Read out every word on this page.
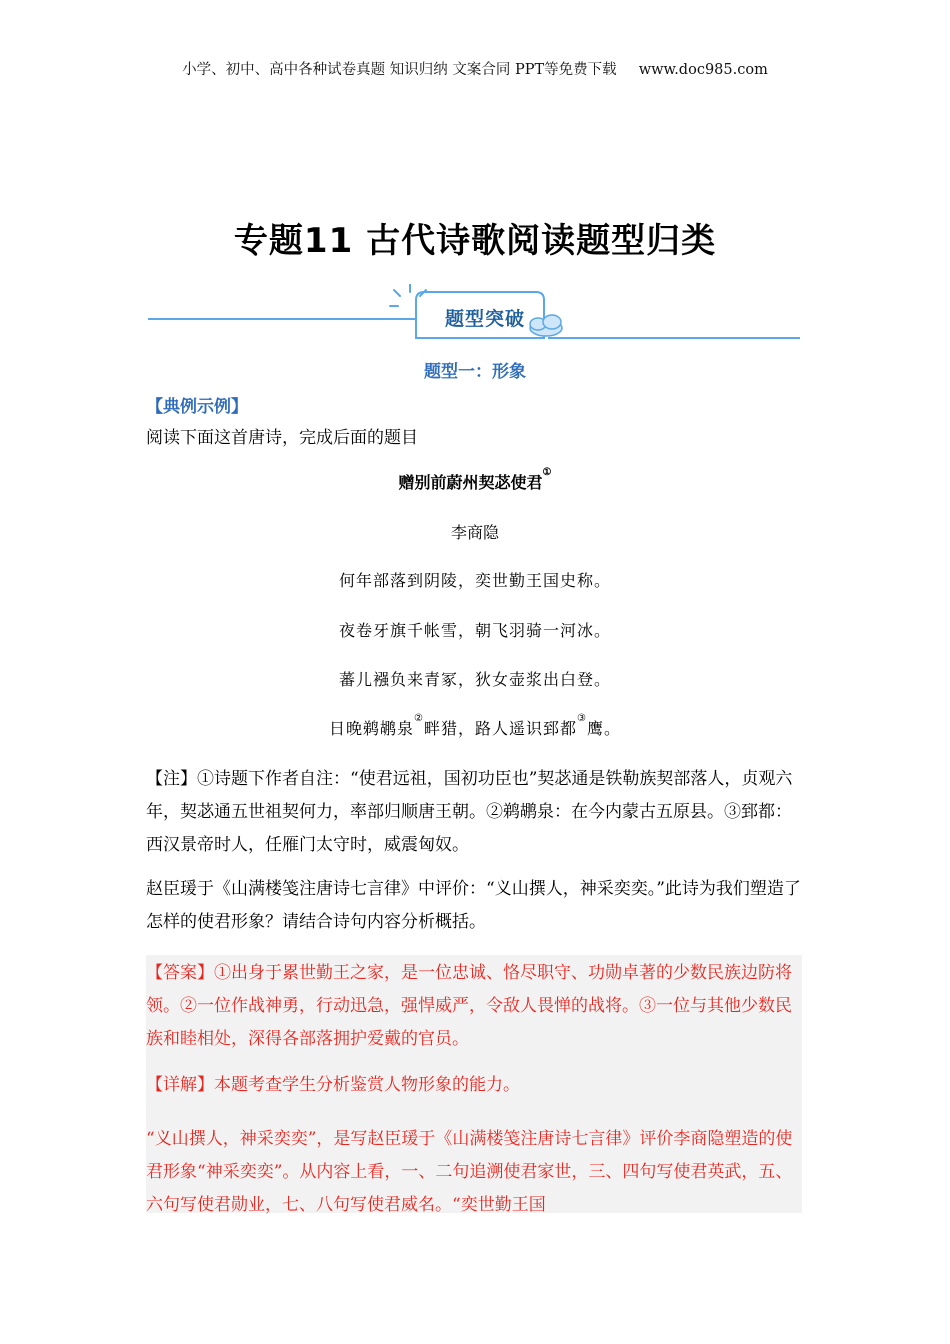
小学、初中、高中各种试卷真题 知识归纳 文案合同 PPT等免费下载 www.doc985.com
专题11 古代诗歌阅读题型归类
题型突破
题型一：形象
【典例示例】
阅读下面这首唐诗，完成后面的题目
赠别前蔚州契苾使君①
李商隐
何年部落到阴陵，奕世勤王国史称。
夜卷牙旗千帐雪，朝飞羽骑一河冰。
蕃儿襁负来青冢，狄女壶浆出白登。
日晚鹈鹕泉②畔猎，路人遥识郅都③鹰。
【注】①诗题下作者自注：“使君远祖，国初功臣也”契苾通是铁勒族契部落人，贞观六年，契苾通五世祖契何力，率部归顺唐王朝。②鹈鹕泉：在今内蒙古五原县。③郅都：西汉景帝时人，任雁门太守时，威震匈奴。
赵臣瑗于《山满楼笺注唐诗七言律》中评价：“义山撰人，神采奕奕。”此诗为我们塑造了怎样的使君形象？请结合诗句内容分析概括。
【答案】①出身于累世勤王之家，是一位忠诚、恪尽职守、功勋卓著的少数民族边防将领。②一位作战神勇，行动迅急，强悍威严，令敌人畏惮的战将。③一位与其他少数民族和睦相处，深得各部落拥护爱戴的官员。
【详解】本题考查学生分析鉴赏人物形象的能力。
“义山撰人，神采奕奕”，是写赵臣瑗于《山满楼笺注唐诗七言律》评价李商隐塑造的使君形象“神采奕奕”。从内容上看，一、二句追溯使君家世，三、四句写使君英武，五、六句写使君勋业，七、八句写使君威名。“奕世勤王国
